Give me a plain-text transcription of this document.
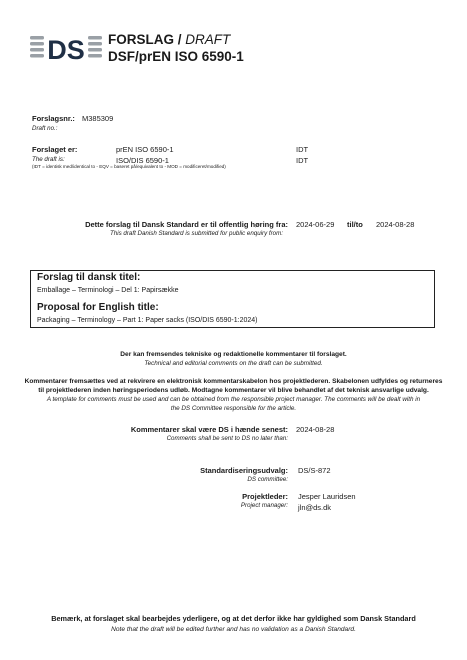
DS FORSLAG / DRAFT
DSF/prEN ISO 6590-1
Forslagsnr.:
Draft no.:
M385309
Forslaget er:
The draft is:
(IDT = identisk med/identical to - EQV = baseret på/equivalent to - MOD = modificeret/modified)
prEN ISO 6590-1	IDT
ISO/DIS 6590-1	IDT
Dette forslag til Dansk Standard er til offentlig høring fra:
This draft Danish Standard is submitted for public enquiry from:
2024-06-29 til/to 2024-08-28
Forslag til dansk titel:
Emballage – Terminologi – Del 1: Papirsække
Proposal for English title:
Packaging – Terminology – Part 1: Paper sacks (ISO/DIS 6590-1:2024)
Der kan fremsendes tekniske og redaktionelle kommentarer til forslaget.
Technical and editorial comments on the draft can be submitted.
Kommentarer fremsættes ved at rekvirere en elektronisk kommentarskabelon hos projektlederen. Skabelonen udfyldes og returneres
til projektlederen inden høringsperiodens udløb. Modtagne kommentarer vil blive behandlet af det teknisk ansvarlige udvalg.
A template for comments must be used and can be obtained from the responsible project manager. The comments will be dealt with in
the DS Committee responsible for the article.
Kommentarer skal være DS i hænde senest:
Comments shall be sent to DS no later than:
2024-08-28
Standardiseringsudvalg:
DS committee:
DS/S-872
Projektleder:
Project manager:
Jesper Lauridsen
jln@ds.dk
Bemærk, at forslaget skal bearbejdes yderligere, og at det derfor ikke har gyldighed som Dansk Standard
Note that the draft will be edited further and has no validation as a Danish Standard.
